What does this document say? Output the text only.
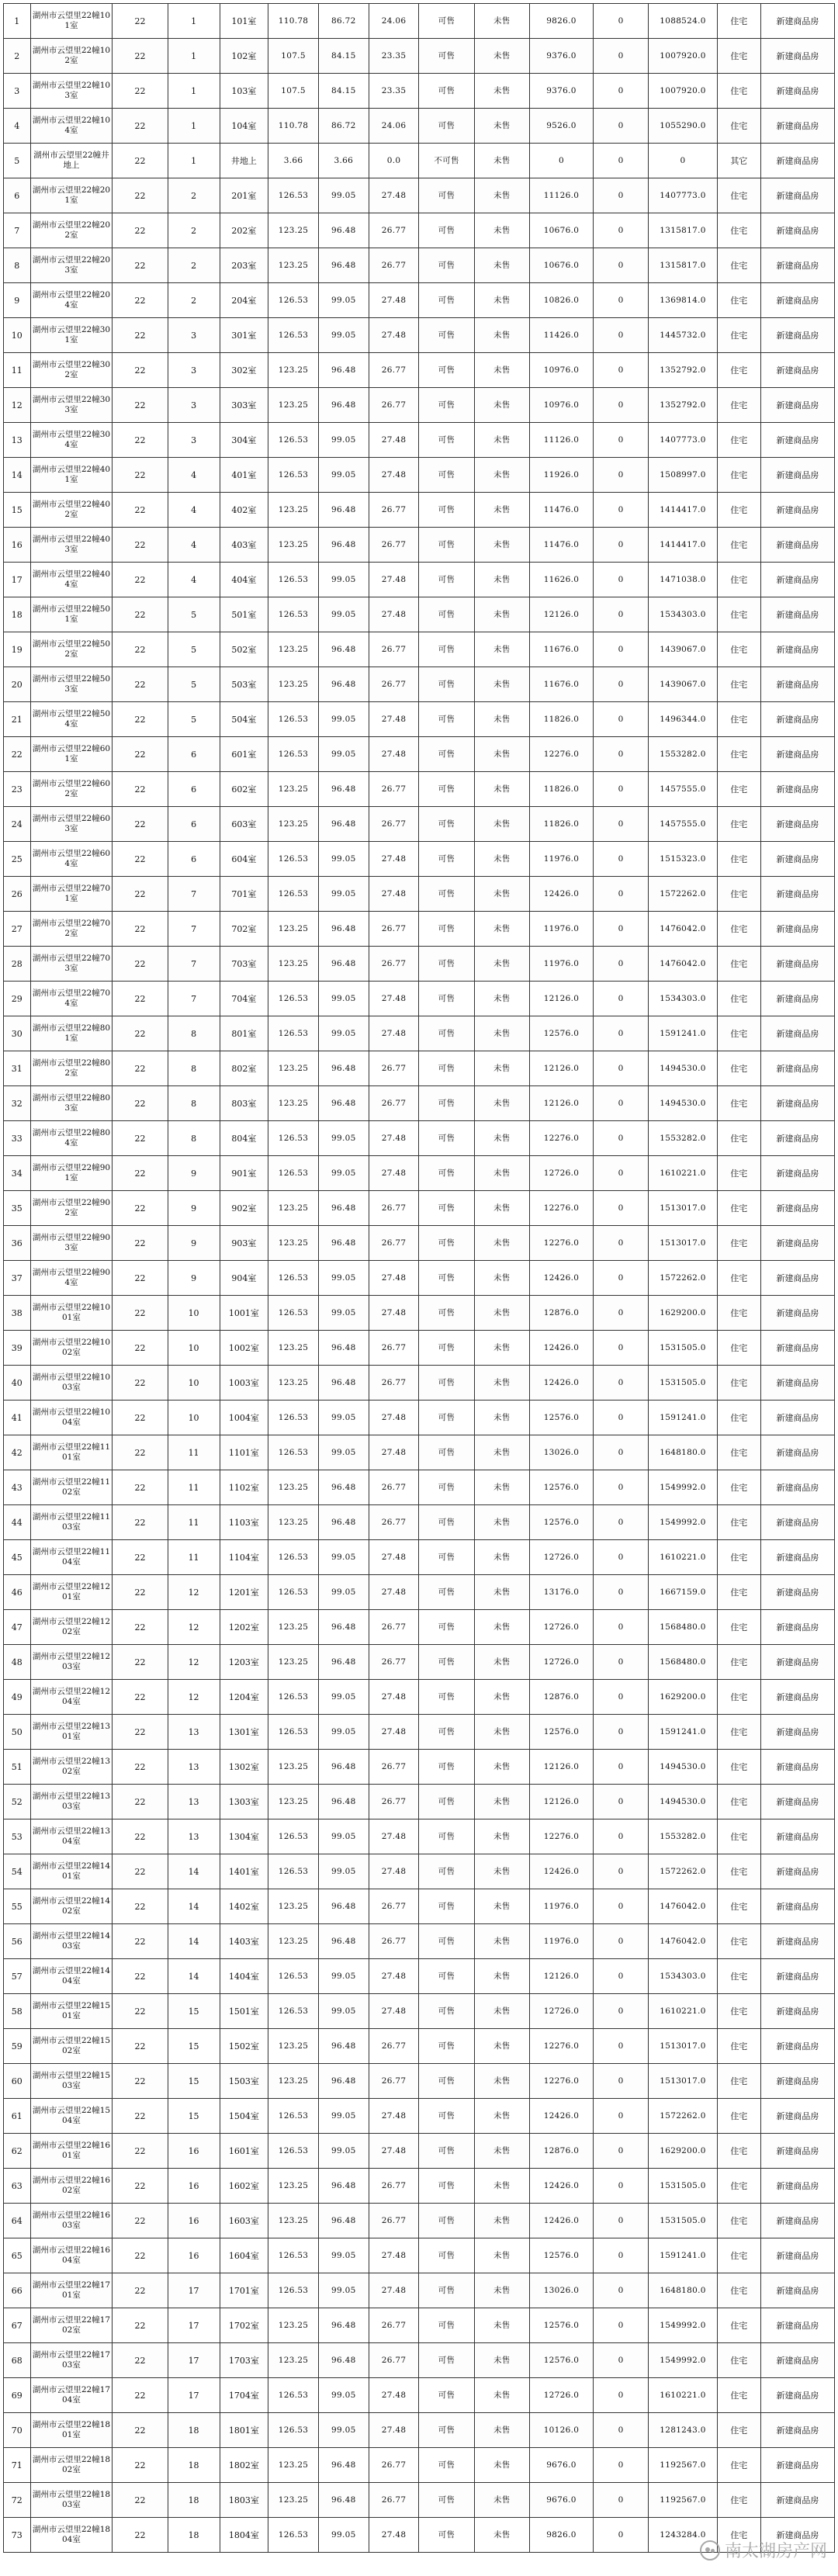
1	湖州市云望里22幢101室	22	1	101室	110.78	86.72	24.06	可售	未售	9826.0	0	1088524.0	住宅	新建商品房
2	湖州市云望里22幢102室	22	1	102室	107.5	84.15	23.35	可售	未售	9376.0	0	1007920.0	住宅	新建商品房
3	湖州市云望里22幢103室	22	1	103室	107.5	84.15	23.35	可售	未售	9376.0	0	1007920.0	住宅	新建商品房
4	湖州市云望里22幢104室	22	1	104室	110.78	86.72	24.06	可售	未售	9526.0	0	1055290.0	住宅	新建商品房
5	湖州市云望里22幢井地上	22	1	井地上	3.66	3.66	0.0	不可售	未售	0	0	0	其它	新建商品房
6	湖州市云望里22幢201室	22	2	201室	126.53	99.05	27.48	可售	未售	11126.0	0	1407773.0	住宅	新建商品房
7	湖州市云望里22幢202室	22	2	202室	123.25	96.48	26.77	可售	未售	10676.0	0	1315817.0	住宅	新建商品房
8	湖州市云望里22幢203室	22	2	203室	123.25	96.48	26.77	可售	未售	10676.0	0	1315817.0	住宅	新建商品房
9	湖州市云望里22幢204室	22	2	204室	126.53	99.05	27.48	可售	未售	10826.0	0	1369814.0	住宅	新建商品房
10	湖州市云望里22幢301室	22	3	301室	126.53	99.05	27.48	可售	未售	11426.0	0	1445732.0	住宅	新建商品房
11	湖州市云望里22幢302室	22	3	302室	123.25	96.48	26.77	可售	未售	10976.0	0	1352792.0	住宅	新建商品房
12	湖州市云望里22幢303室	22	3	303室	123.25	96.48	26.77	可售	未售	10976.0	0	1352792.0	住宅	新建商品房
13	湖州市云望里22幢304室	22	3	304室	126.53	99.05	27.48	可售	未售	11126.0	0	1407773.0	住宅	新建商品房
14	湖州市云望里22幢401室	22	4	401室	126.53	99.05	27.48	可售	未售	11926.0	0	1508997.0	住宅	新建商品房
15	湖州市云望里22幢402室	22	4	402室	123.25	96.48	26.77	可售	未售	11476.0	0	1414417.0	住宅	新建商品房
16	湖州市云望里22幢403室	22	4	403室	123.25	96.48	26.77	可售	未售	11476.0	0	1414417.0	住宅	新建商品房
17	湖州市云望里22幢404室	22	4	404室	126.53	99.05	27.48	可售	未售	11626.0	0	1471038.0	住宅	新建商品房
18	湖州市云望里22幢501室	22	5	501室	126.53	99.05	27.48	可售	未售	12126.0	0	1534303.0	住宅	新建商品房
19	湖州市云望里22幢502室	22	5	502室	123.25	96.48	26.77	可售	未售	11676.0	0	1439067.0	住宅	新建商品房
20	湖州市云望里22幢503室	22	5	503室	123.25	96.48	26.77	可售	未售	11676.0	0	1439067.0	住宅	新建商品房
21	湖州市云望里22幢504室	22	5	504室	126.53	99.05	27.48	可售	未售	11826.0	0	1496344.0	住宅	新建商品房
22	湖州市云望里22幢601室	22	6	601室	126.53	99.05	27.48	可售	未售	12276.0	0	1553282.0	住宅	新建商品房
23	湖州市云望里22幢602室	22	6	602室	123.25	96.48	26.77	可售	未售	11826.0	0	1457555.0	住宅	新建商品房
24	湖州市云望里22幢603室	22	6	603室	123.25	96.48	26.77	可售	未售	11826.0	0	1457555.0	住宅	新建商品房
25	湖州市云望里22幢604室	22	6	604室	126.53	99.05	27.48	可售	未售	11976.0	0	1515323.0	住宅	新建商品房
26	湖州市云望里22幢701室	22	7	701室	126.53	99.05	27.48	可售	未售	12426.0	0	1572262.0	住宅	新建商品房
27	湖州市云望里22幢702室	22	7	702室	123.25	96.48	26.77	可售	未售	11976.0	0	1476042.0	住宅	新建商品房
28	湖州市云望里22幢703室	22	7	703室	123.25	96.48	26.77	可售	未售	11976.0	0	1476042.0	住宅	新建商品房
29	湖州市云望里22幢704室	22	7	704室	126.53	99.05	27.48	可售	未售	12126.0	0	1534303.0	住宅	新建商品房
30	湖州市云望里22幢801室	22	8	801室	126.53	99.05	27.48	可售	未售	12576.0	0	1591241.0	住宅	新建商品房
31	湖州市云望里22幢802室	22	8	802室	123.25	96.48	26.77	可售	未售	12126.0	0	1494530.0	住宅	新建商品房
32	湖州市云望里22幢803室	22	8	803室	123.25	96.48	26.77	可售	未售	12126.0	0	1494530.0	住宅	新建商品房
33	湖州市云望里22幢804室	22	8	804室	126.53	99.05	27.48	可售	未售	12276.0	0	1553282.0	住宅	新建商品房
34	湖州市云望里22幢901室	22	9	901室	126.53	99.05	27.48	可售	未售	12726.0	0	1610221.0	住宅	新建商品房
35	湖州市云望里22幢902室	22	9	902室	123.25	96.48	26.77	可售	未售	12276.0	0	1513017.0	住宅	新建商品房
36	湖州市云望里22幢903室	22	9	903室	123.25	96.48	26.77	可售	未售	12276.0	0	1513017.0	住宅	新建商品房
37	湖州市云望里22幢904室	22	9	904室	126.53	99.05	27.48	可售	未售	12426.0	0	1572262.0	住宅	新建商品房
38	湖州市云望里22幢1001室	22	10	1001室	126.53	99.05	27.48	可售	未售	12876.0	0	1629200.0	住宅	新建商品房
39	湖州市云望里22幢1002室	22	10	1002室	123.25	96.48	26.77	可售	未售	12426.0	0	1531505.0	住宅	新建商品房
40	湖州市云望里22幢1003室	22	10	1003室	123.25	96.48	26.77	可售	未售	12426.0	0	1531505.0	住宅	新建商品房
41	湖州市云望里22幢1004室	22	10	1004室	126.53	99.05	27.48	可售	未售	12576.0	0	1591241.0	住宅	新建商品房
42	湖州市云望里22幢1101室	22	11	1101室	126.53	99.05	27.48	可售	未售	13026.0	0	1648180.0	住宅	新建商品房
43	湖州市云望里22幢1102室	22	11	1102室	123.25	96.48	26.77	可售	未售	12576.0	0	1549992.0	住宅	新建商品房
44	湖州市云望里22幢1103室	22	11	1103室	123.25	96.48	26.77	可售	未售	12576.0	0	1549992.0	住宅	新建商品房
45	湖州市云望里22幢1104室	22	11	1104室	126.53	99.05	27.48	可售	未售	12726.0	0	1610221.0	住宅	新建商品房
46	湖州市云望里22幢1201室	22	12	1201室	126.53	99.05	27.48	可售	未售	13176.0	0	1667159.0	住宅	新建商品房
47	湖州市云望里22幢1202室	22	12	1202室	123.25	96.48	26.77	可售	未售	12726.0	0	1568480.0	住宅	新建商品房
48	湖州市云望里22幢1203室	22	12	1203室	123.25	96.48	26.77	可售	未售	12726.0	0	1568480.0	住宅	新建商品房
49	湖州市云望里22幢1204室	22	12	1204室	126.53	99.05	27.48	可售	未售	12876.0	0	1629200.0	住宅	新建商品房
50	湖州市云望里22幢1301室	22	13	1301室	126.53	99.05	27.48	可售	未售	12576.0	0	1591241.0	住宅	新建商品房
51	湖州市云望里22幢1302室	22	13	1302室	123.25	96.48	26.77	可售	未售	12126.0	0	1494530.0	住宅	新建商品房
52	湖州市云望里22幢1303室	22	13	1303室	123.25	96.48	26.77	可售	未售	12126.0	0	1494530.0	住宅	新建商品房
53	湖州市云望里22幢1304室	22	13	1304室	126.53	99.05	27.48	可售	未售	12276.0	0	1553282.0	住宅	新建商品房
54	湖州市云望里22幢1401室	22	14	1401室	126.53	99.05	27.48	可售	未售	12426.0	0	1572262.0	住宅	新建商品房
55	湖州市云望里22幢1402室	22	14	1402室	123.25	96.48	26.77	可售	未售	11976.0	0	1476042.0	住宅	新建商品房
56	湖州市云望里22幢1403室	22	14	1403室	123.25	96.48	26.77	可售	未售	11976.0	0	1476042.0	住宅	新建商品房
57	湖州市云望里22幢1404室	22	14	1404室	126.53	99.05	27.48	可售	未售	12126.0	0	1534303.0	住宅	新建商品房
58	湖州市云望里22幢1501室	22	15	1501室	126.53	99.05	27.48	可售	未售	12726.0	0	1610221.0	住宅	新建商品房
59	湖州市云望里22幢1502室	22	15	1502室	123.25	96.48	26.77	可售	未售	12276.0	0	1513017.0	住宅	新建商品房
60	湖州市云望里22幢1503室	22	15	1503室	123.25	96.48	26.77	可售	未售	12276.0	0	1513017.0	住宅	新建商品房
61	湖州市云望里22幢1504室	22	15	1504室	126.53	99.05	27.48	可售	未售	12426.0	0	1572262.0	住宅	新建商品房
62	湖州市云望里22幢1601室	22	16	1601室	126.53	99.05	27.48	可售	未售	12876.0	0	1629200.0	住宅	新建商品房
63	湖州市云望里22幢1602室	22	16	1602室	123.25	96.48	26.77	可售	未售	12426.0	0	1531505.0	住宅	新建商品房
64	湖州市云望里22幢1603室	22	16	1603室	123.25	96.48	26.77	可售	未售	12426.0	0	1531505.0	住宅	新建商品房
65	湖州市云望里22幢1604室	22	16	1604室	126.53	99.05	27.48	可售	未售	12576.0	0	1591241.0	住宅	新建商品房
66	湖州市云望里22幢1701室	22	17	1701室	126.53	99.05	27.48	可售	未售	13026.0	0	1648180.0	住宅	新建商品房
67	湖州市云望里22幢1702室	22	17	1702室	123.25	96.48	26.77	可售	未售	12576.0	0	1549992.0	住宅	新建商品房
68	湖州市云望里22幢1703室	22	17	1703室	123.25	96.48	26.77	可售	未售	12576.0	0	1549992.0	住宅	新建商品房
69	湖州市云望里22幢1704室	22	17	1704室	126.53	99.05	27.48	可售	未售	12726.0	0	1610221.0	住宅	新建商品房
70	湖州市云望里22幢1801室	22	18	1801室	126.53	99.05	27.48	可售	未售	10126.0	0	1281243.0	住宅	新建商品房
71	湖州市云望里22幢1802室	22	18	1802室	123.25	96.48	26.77	可售	未售	9676.0	0	1192567.0	住宅	新建商品房
72	湖州市云望里22幢1803室	22	18	1803室	123.25	96.48	26.77	可售	未售	9676.0	0	1192567.0	住宅	新建商品房
73	湖州市云望里22幢1804室	22	18	1804室	126.53	99.05	27.48	可售	未售	9826.0	0	1243284.0	住宅	新建商品房
南太湖房产网
